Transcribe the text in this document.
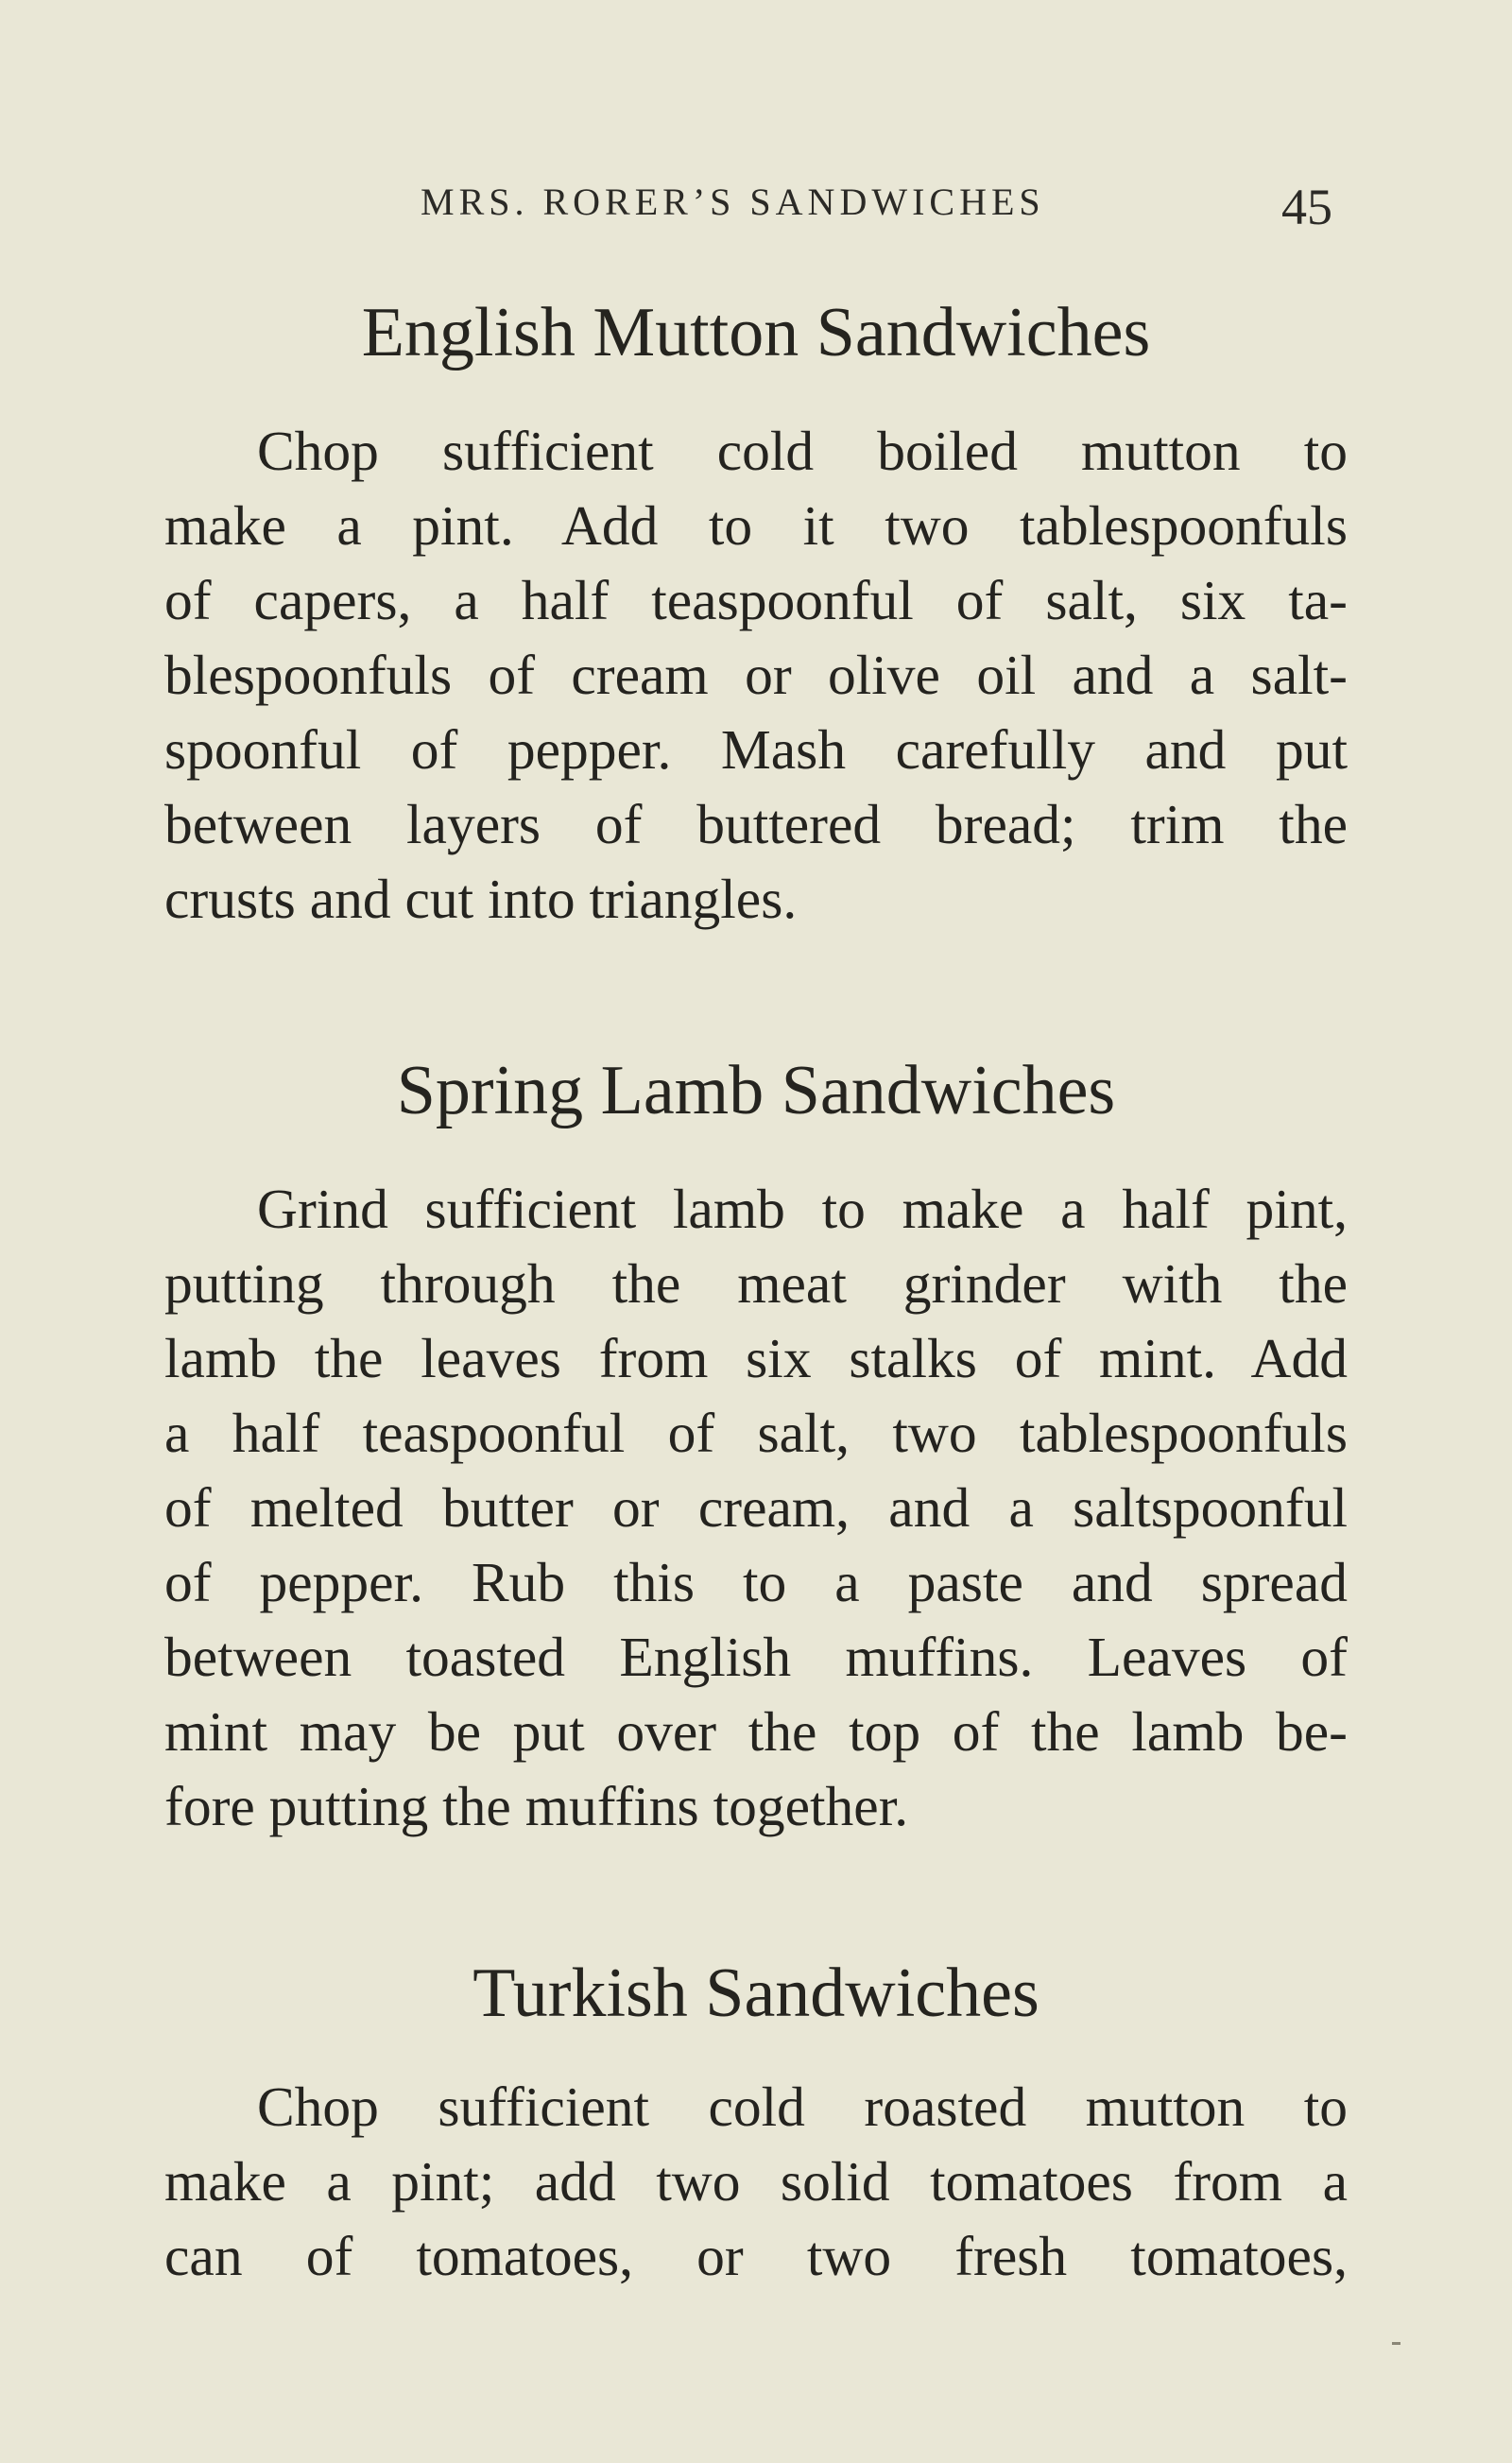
MRS. RORER’S SANDWICHES	45
English Mutton Sandwiches
Chop sufficient cold boiled mutton to
make a pint. Add to it two tablespoonfuls
of capers, a half teaspoonful of salt, six ta-
blespoonfuls of cream or olive oil and a salt-
spoonful of pepper. Mash carefully and put
between layers of buttered bread; trim the
crusts and cut into triangles.
Spring Lamb Sandwiches
Grind sufficient lamb to make a half pint,
putting through the meat grinder with the
lamb the leaves from six stalks of mint. Add
a half teaspoonful of salt, two tablespoonfuls
of melted butter or cream, and a saltspoonful
of pepper. Rub this to a paste and spread
between toasted English muffins. Leaves of
mint may be put over the top of the lamb be-
fore putting the muffins together.
Turkish Sandwiches
Chop sufficient cold roasted mutton to
make a pint; add two solid tomatoes from a
can of tomatoes, or two fresh tomatoes,
